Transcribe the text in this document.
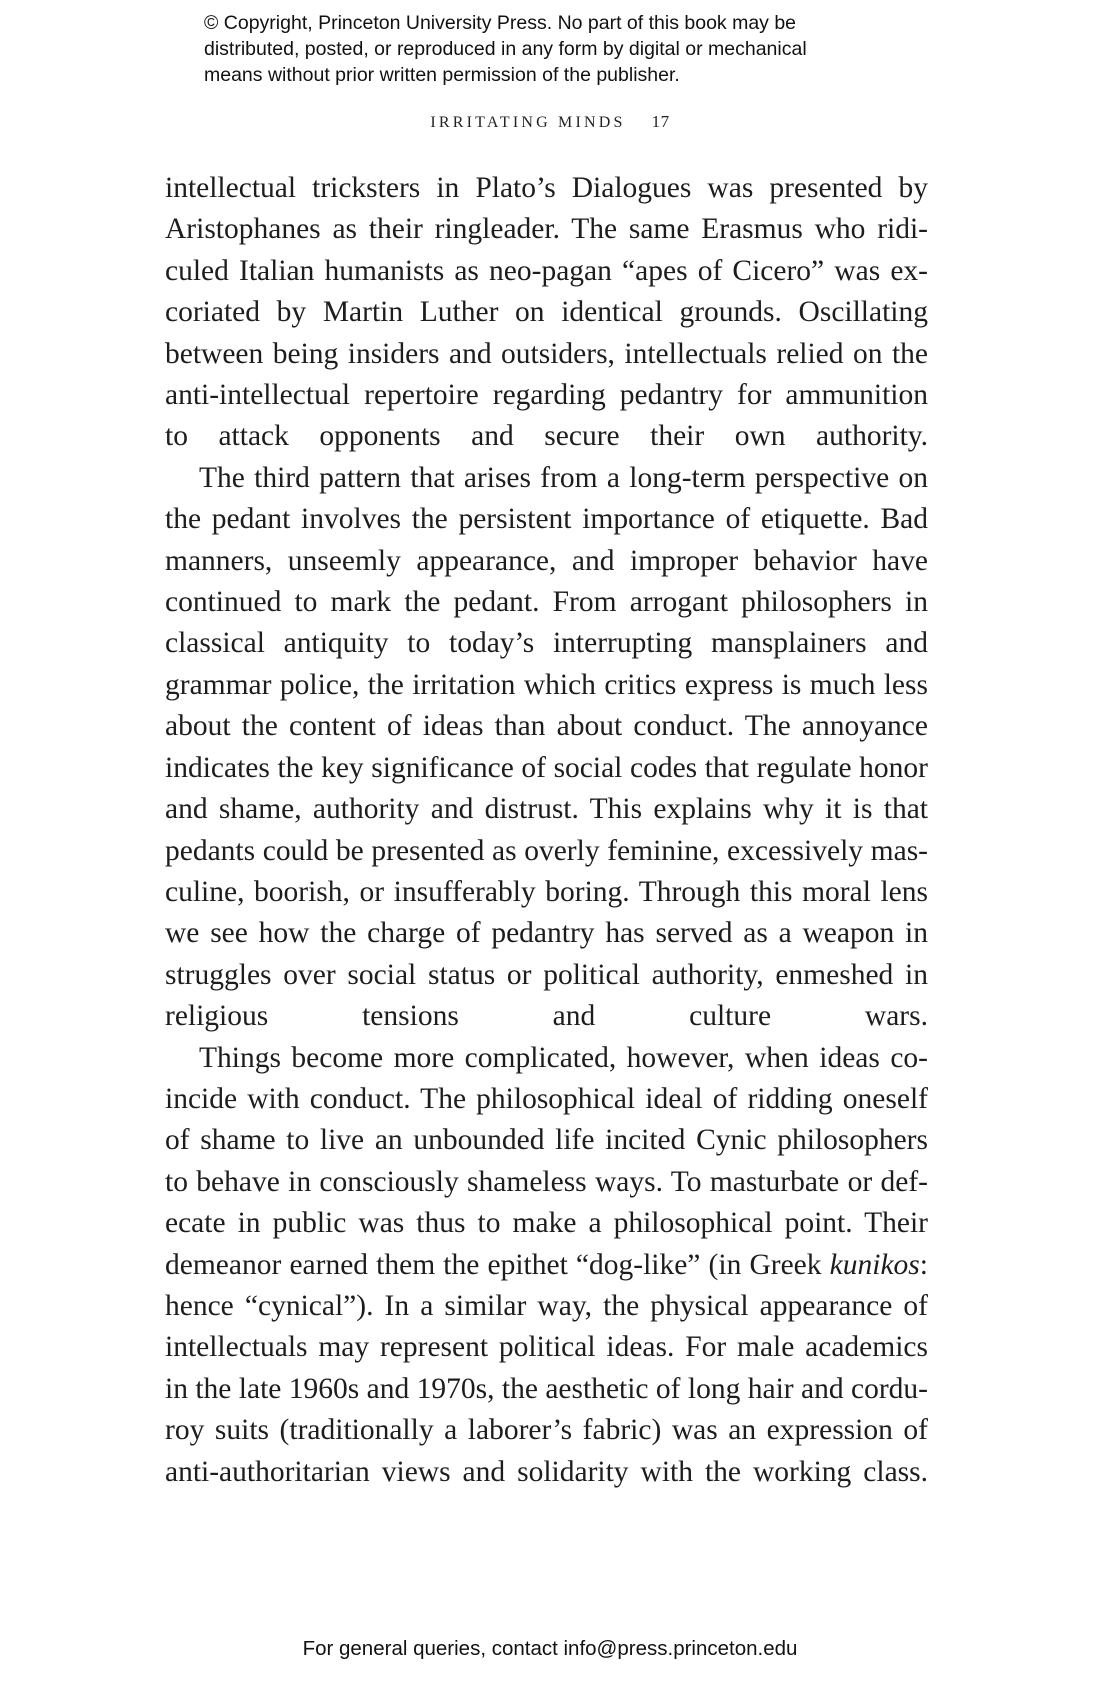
© Copyright, Princeton University Press. No part of this book may be
distributed, posted, or reproduced in any form by digital or mechanical
means without prior written permission of the publisher.
IRRITATING MINDS 17

intellectual tricksters in Plato’s Dialogues was presented by
Aristophanes as their ringleader. The same Erasmus who ridi-
culed Italian humanists as neo-pagan “apes of Cicero” was ex-
coriated by Martin Luther on identical grounds. Oscillating
between being insiders and outsiders, intellectuals relied on the
anti-intellectual repertoire regarding pedantry for ammunition
to attack opponents and secure their own authority.

The third pattern that arises from a long-term perspective on
the pedant involves the persistent importance of etiquette. Bad
manners, unseemly appearance, and improper behavior have
continued to mark the pedant. From arrogant philosophers in
classical antiquity to today’s interrupting mansplainers and
grammar police, the irritation which critics express is much less
about the content of ideas than about conduct. The annoyance
indicates the key significance of social codes that regulate honor
and shame, authority and distrust. This explains why it is that
pedants could be presented as overly feminine, excessively mas-
culine, boorish, or insufferably boring. Through this moral lens
we see how the charge of pedantry has served as a weapon in
struggles over social status or political authority, enmeshed in
religious tensions and culture wars.

Things become more complicated, however, when ideas co-
incide with conduct. The philosophical ideal of ridding oneself
of shame to live an unbounded life incited Cynic philosophers
to behave in consciously shameless ways. To masturbate or def-
ecate in public was thus to make a philosophical point. Their
demeanor earned them the epithet “dog-like” (in Greek kunikos:
hence “cynical”). In a similar way, the physical appearance of
intellectuals may represent political ideas. For male academics
in the late 1960s and 1970s, the aesthetic of long hair and cordu-
roy suits (traditionally a laborer’s fabric) was an expression of
anti-authoritarian views and solidarity with the working class.

For general queries, contact info@press.princeton.edu
